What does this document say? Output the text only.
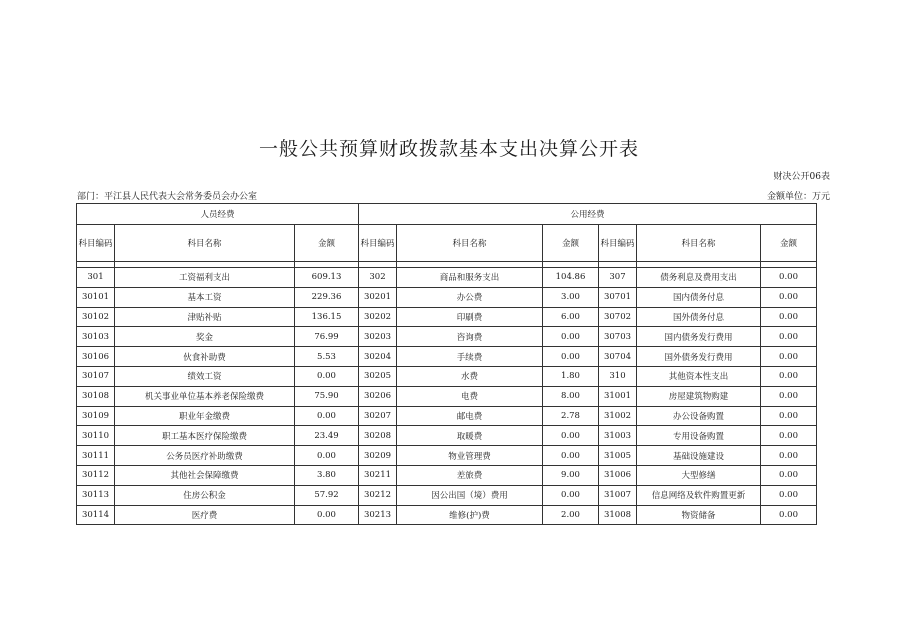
一般公共预算财政拨款基本支出决算公开表
财决公开06表
部门：平江县人民代表大会常务委员会办公室	金额单位：万元
人员经费			公用经费					
科目编码	科目名称	金额	科目编码	科目名称	金额	科目编码	科目名称	金额

301	工资福利支出	609.13	302	商品和服务支出	104.86	307	债务利息及费用支出	0.00
30101	基本工资	229.36	30201	办公费	3.00	30701	国内债务付息	0.00
30102	津贴补贴	136.15	30202	印刷费	6.00	30702	国外债务付息	0.00
30103	奖金	76.99	30203	咨询费	0.00	30703	国内债务发行费用	0.00
30106	伙食补助费	5.53	30204	手续费	0.00	30704	国外债务发行费用	0.00
30107	绩效工资	0.00	30205	水费	1.80	310	其他资本性支出	0.00
30108	机关事业单位基本养老保险缴费	75.90	30206	电费	8.00	31001	房屋建筑物购建	0.00
30109	职业年金缴费	0.00	30207	邮电费	2.78	31002	办公设备购置	0.00
30110	职工基本医疗保险缴费	23.49	30208	取暖费	0.00	31003	专用设备购置	0.00
30111	公务员医疗补助缴费	0.00	30209	物业管理费	0.00	31005	基础设施建设	0.00
30112	其他社会保障缴费	3.80	30211	差旅费	9.00	31006	大型修缮	0.00
30113	住房公积金	57.92	30212	因公出国（境）费用	0.00	31007	信息网络及软件购置更新	0.00
30114	医疗费	0.00	30213	维修(护)费	2.00	31008	物资储备	0.00
